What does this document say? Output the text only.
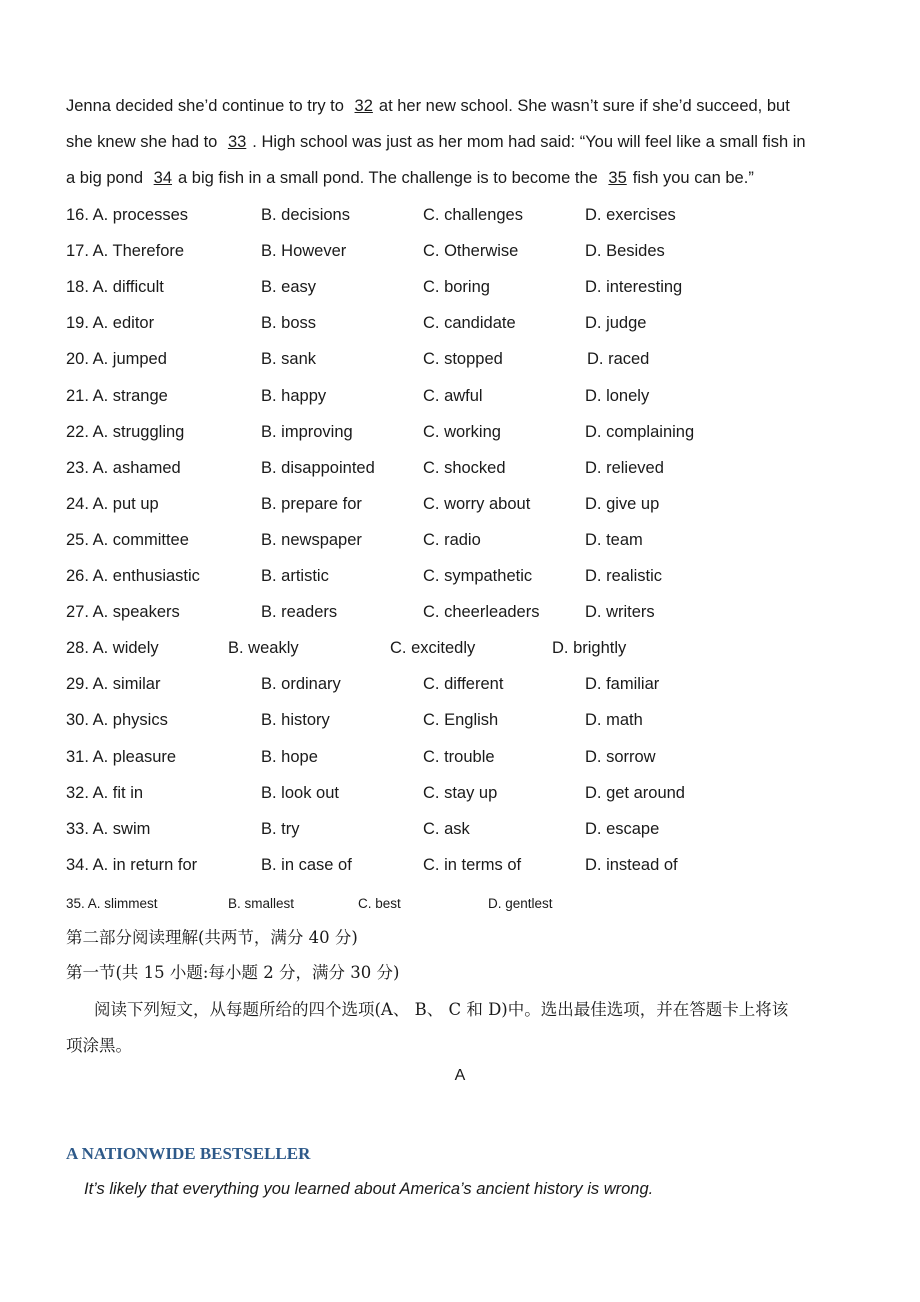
Jenna decided she’d continue to try to 32 at her new school. She wasn’t sure if she’d succeed, but
she knew she had to 33 . High school was just as her mom had said: “You will feel like a small fish in
a big pond 34 a big fish in a small pond. The challenge is to become the 35 fish you can be.”
16. A. processes	B. decisions	C. challenges	D. exercises
17. A. Therefore	B. However	C. Otherwise	D. Besides
18. A. difficult	B. easy	C. boring	D. interesting
19. A. editor	B. boss	C. candidate	D. judge
20. A. jumped	B. sank	C. stopped	D. raced
21. A. strange	B. happy	C. awful	D. lonely
22. A. struggling	B. improving	C. working	D. complaining
23. A. ashamed	B. disappointed	C. shocked	D. relieved
24. A. put up	B. prepare for	C. worry about	D. give up
25. A. committee	B. newspaper	C. radio	D. team
26. A. enthusiastic	B. artistic	C. sympathetic	D. realistic
27. A. speakers	B. readers	C. cheerleaders	D. writers
28. A. widely	B. weakly	C. excitedly	D. brightly
29. A. similar	B. ordinary	C. different	D. familiar
30. A. physics	B. history	C. English	D. math
31. A. pleasure	B. hope	C. trouble	D. sorrow
32. A. fit in	B. look out	C. stay up	D. get around
33. A. swim	B. try	C. ask	D. escape
34. A. in return for	B. in case of	C. in terms of	D. instead of
35. A. slimmest	B. smallest	C. best	D. gentlest
第二部分阅读理解(共两节，满分 40 分)
第一节(共 15 小题:每小题 2 分，满分 30 分)
阅读下列短文，从每题所给的四个选项(A、 B、 C 和 D)中。选出最佳选项，并在答题卡上将该
项涂黑。
A
A NATIONWIDE BESTSELLER
It’s likely that everything you learned about America’s ancient history is wrong.
